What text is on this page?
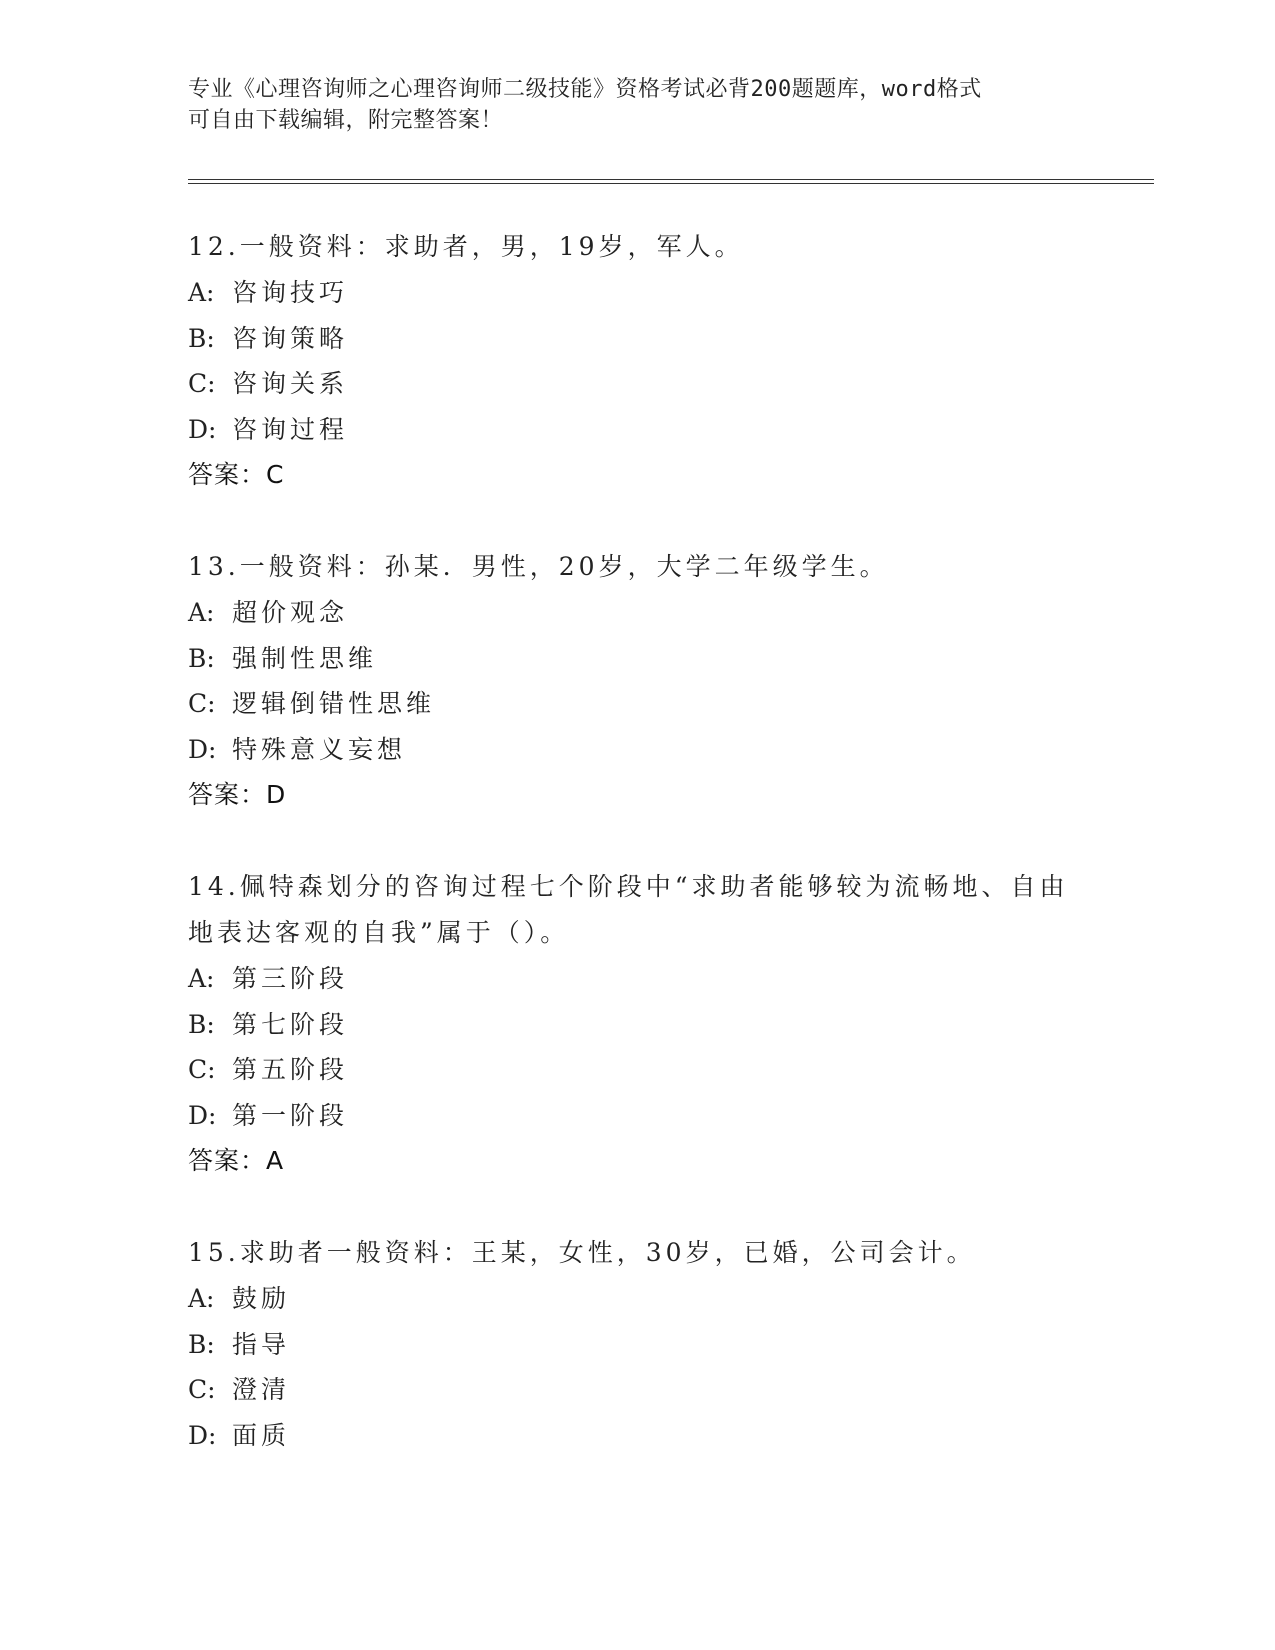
专业《心理咨询师之心理咨询师二级技能》资格考试必背200题题库，word格式
可自由下载编辑，附完整答案！
12.一般资料：求助者，男，19岁，军人。
A: 咨询技巧
B: 咨询策略
C: 咨询关系
D: 咨询过程
答案：C
13.一般资料：孙某．男性，20岁，大学二年级学生。
A: 超价观念
B: 强制性思维
C: 逻辑倒错性思维
D: 特殊意义妄想
答案：D
14.佩特森划分的咨询过程七个阶段中“求助者能够较为流畅地、自由地表达客观的自我”属于（）。
A: 第三阶段
B: 第七阶段
C: 第五阶段
D: 第一阶段
答案：A
15.求助者一般资料：王某，女性，30岁，已婚，公司会计。
A: 鼓励
B: 指导
C: 澄清
D: 面质
